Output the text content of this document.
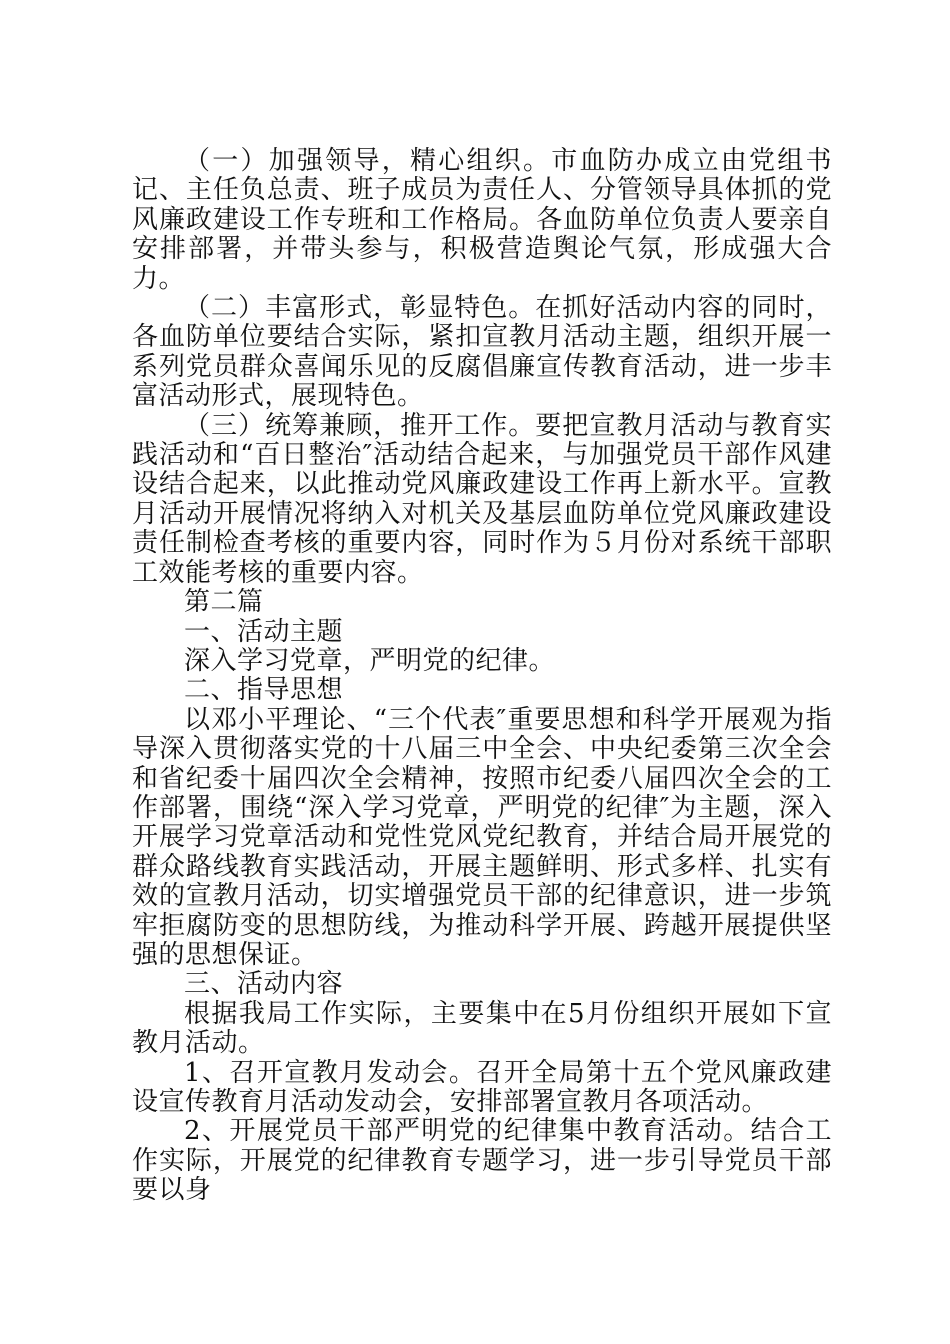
（一）加强领导，精心组织。市血防办成立由党组书记、主任负总责、班子成员为责任人、分管领导具体抓的党风廉政建设工作专班和工作格局。各血防单位负责人要亲自安排部署，并带头参与，积极营造舆论气氛，形成强大合力。

（二）丰富形式，彰显特色。在抓好活动内容的同时，各血防单位要结合实际，紧扣宣教月活动主题，组织开展一系列党员群众喜闻乐见的反腐倡廉宣传教育活动，进一步丰富活动形式，展现特色。

（三）统筹兼顾，推开工作。要把宣教月活动与教育实践活动和“百日整治″活动结合起来，与加强党员干部作风建设结合起来，以此推动党风廉政建设工作再上新水平。宣教月活动开展情况将纳入对机关及基层血防单位党风廉政建设责任制检查考核的重要内容，同时作为５月份对系统干部职工效能考核的重要内容。

第二篇

一、活动主题

深入学习党章，严明党的纪律。

二、指导思想

以邓小平理论、“三个代表″重要思想和科学开展观为指导深入贯彻落实党的十八届三中全会、中央纪委第三次全会和省纪委十届四次全会精神，按照市纪委八届四次全会的工作部署，围绕“深入学习党章，严明党的纪律″为主题，深入开展学习党章活动和党性党风党纪教育，并结合局开展党的群众路线教育实践活动，开展主题鲜明、形式多样、扎实有效的宣教月活动，切实增强党员干部的纪律意识，进一步筑牢拒腐防变的思想防线，为推动科学开展、跨越开展提供坚强的思想保证。

三、活动内容

根据我局工作实际，主要集中在5月份组织开展如下宣教月活动。

1、召开宣教月发动会。召开全局第十五个党风廉政建设宣传教育月活动发动会，安排部署宣教月各项活动。

2、开展党员干部严明党的纪律集中教育活动。结合工作实际，开展党的纪律教育专题学习，进一步引导党员干部要以身
